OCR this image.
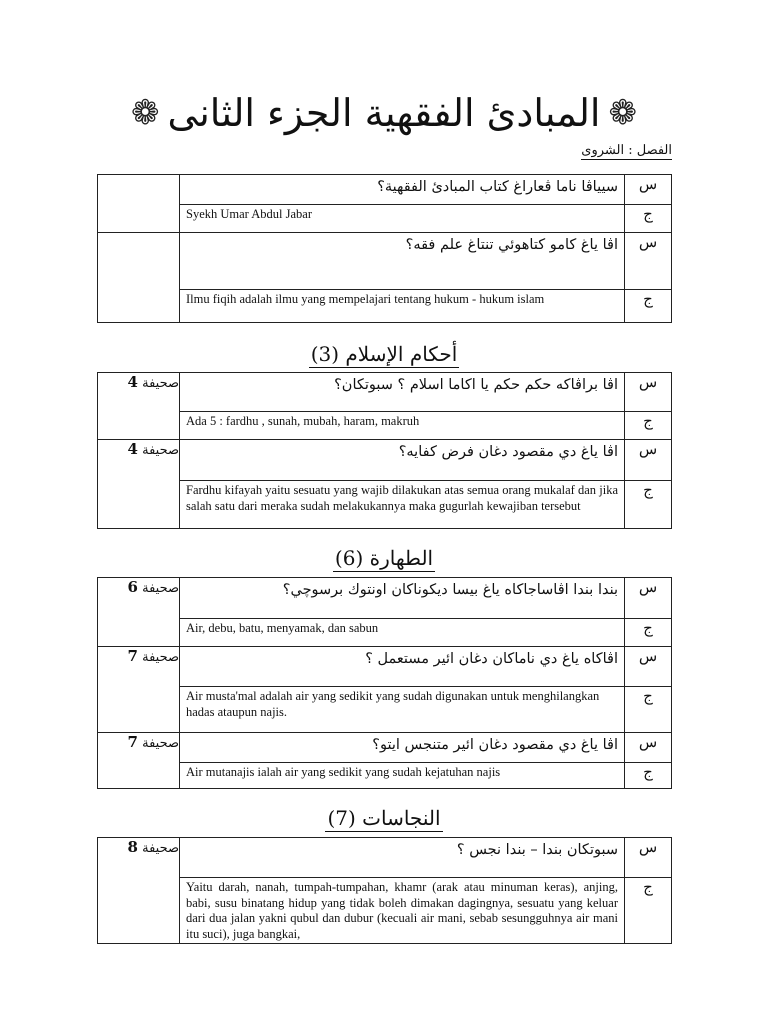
❁
المبادئ الفقهية الجزء الثانى
❁
الفصل : الشروى

	سيياڤا ناما ڤعاراغ كتاب المبادئ الفقهية؟	س

	Syekh Umar Abdul Jabar	ج

	اڤا ياغ كامو كتاهوئي تنتاغ علم فقه؟	س

	Ilmu fiqih adalah ilmu yang mempelajari tentang hukum - hukum islam	ج
أحكام الإسلام (3)
صحيفة 4	اڤا براڤاكه حكم حكم يا اكاما اسلام ؟ سبوتكان؟	س

	Ada 5 : fardhu , sunah, mubah, haram, makruh	ج
صحيفة 4	اڤا ياغ دي مقصود دغان فرض كفايه؟	س

	Fardhu kifayah yaitu sesuatu yang wajib dilakukan atas semua orang mukalaf dan jika salah satu dari meraka sudah melakukannya maka gugurlah kewajiban tersebut	ج
الطهارة (6)
صحيفة 6	بندا بندا اڤاساجاكاه ياغ بيسا ديكوناكان اونتوك برسوچي؟	س

	Air, debu, batu, menyamak, dan sabun	ج
صحيفة 7	اڤاكاه ياغ دي ناماكان دغان ائير مستعمل ؟	س

	Air musta'mal adalah air yang sedikit yang sudah digunakan untuk menghilangkan hadas ataupun najis.	ج
صحيفة 7	اڤا ياغ دي مقصود دغان ائير متنجس ايتو؟	س

	Air mutanajis ialah air yang sedikit yang sudah kejatuhan najis	ج
النجاسات (7)
صحيفة 8	سبوتكان بندا – بندا نجس ؟	س

	Yaitu darah, nanah, tumpah-tumpahan, khamr (arak atau minuman keras), anjing, babi, susu binatang hidup yang tidak boleh dimakan dagingnya, sesuatu yang keluar dari dua jalan yakni qubul dan dubur (kecuali air mani, sebab sesungguhnya air mani itu suci), juga bangkai,	ج
